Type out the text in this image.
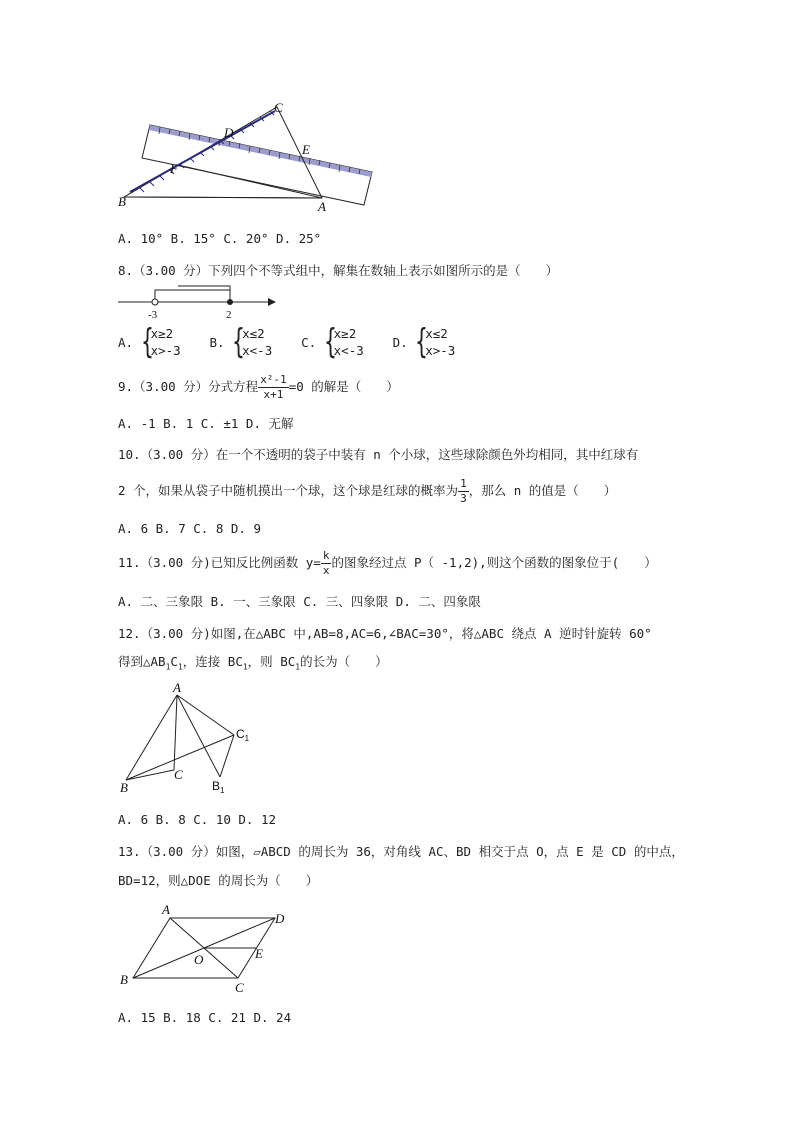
C
D
E
F
B	A
A. 10° B. 15° C. 20° D. 25°
8.（3.00 分）下列四个不等式组中，解集在数轴上表示如图所示的是（　　）
-3	2
A. {
x≥2
x>-3
B. {
x≤2
x<-3
C. {
x≥2
x<-3
D. {
x≤2
x>-3
9.（3.00 分）分式方程 $\frac{\text{x²-1}}{x+1} =0$ 的解是（　　）
A. -1 B. 1 C. ±1 D. 无解
10.（3.00 分）在一个不透明的袋子中装有 n 个小球，这些球除颜色外均相同，其中红球有
2 个，如果从袋子中随机摸出一个球，这个球是红球的概率为 $\frac{1}{3}$ ，那么 n 的值是（　　）
A. 6 B. 7 C. 8 D. 9
11.（3.00 分)已知反比例函数 $y= \frac{k}{x}$ 的图象经过点 P（ -1,2),则这个函数的图象位于(　　）
A. 二、三象限 B. 一、三象限 C. 三、四象限 D. 二、四象限
12.（3.00 分)如图,在△ABC 中,AB=8,AC=6,∠BAC=30°，将△ABC 绕点 A 逆时针旋转 60°
得到$\triangle AB_1C_1$，连接 $BC_1$，则 $BC_1$的长为（　　）
A
B
C
$C_1$
$B_1$
A. 6 B. 8 C. 10 D. 12
13.（3.00 分）如图，▱ABCD 的周长为 36，对角线 AC、BD 相交于点 O，点 E 是 CD 的中点，
BD=12，则△DOE 的周长为（　　）
A
D
E
O
B
C
A. 15 B. 18 C. 21 D. 24
